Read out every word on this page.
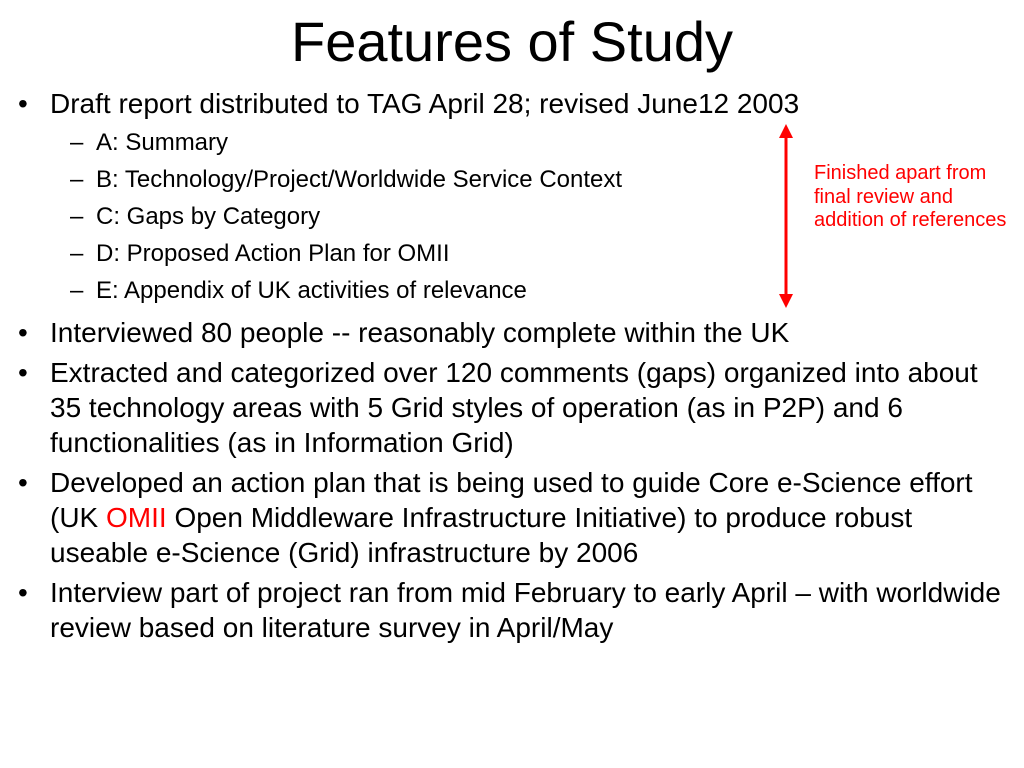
Features of Study
• Draft report distributed to TAG April 28; revised June12 2003
– A: Summary
– B: Technology/Project/Worldwide Service Context
– C: Gaps by Category
– D: Proposed Action Plan for OMII
– E: Appendix of UK activities of relevance
• Interviewed 80 people -- reasonably complete within the UK
• Extracted and categorized over 120 comments (gaps) organized into about 35 technology areas with 5 Grid styles of operation (as in P2P) and 6 functionalities (as in Information Grid)
• Developed an action plan that is being used to guide Core e-Science effort (UK OMII Open Middleware Infrastructure Initiative) to produce robust useable e-Science (Grid) infrastructure by 2006
• Interview part of project ran from mid February to early April – with worldwide review based on literature survey in April/May
Finished apart from final review and addition of references
